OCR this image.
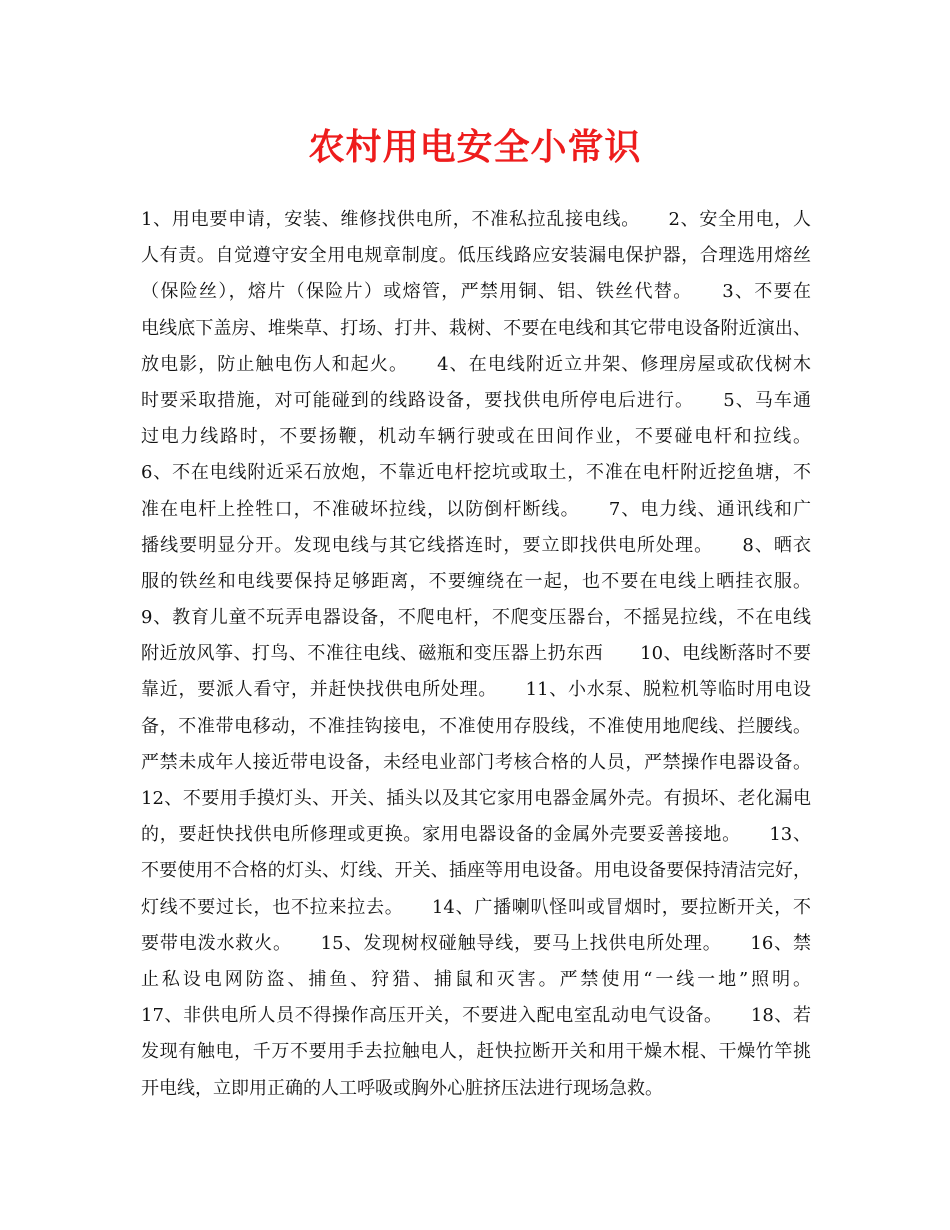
农村用电安全小常识
1、用电要申请，安装、维修找供电所，不准私拉乱接电线。　　2、安全用电，人
人有责。自觉遵守安全用电规章制度。低压线路应安装漏电保护器，合理选用熔丝
（保险丝），熔片（保险片）或熔管，严禁用铜、铝、铁丝代替。　　3、不要在
电线底下盖房、堆柴草、打场、打井、栽树、不要在电线和其它带电设备附近演出、
放电影，防止触电伤人和起火。　　4、在电线附近立井架、修理房屋或砍伐树木
时要采取措施，对可能碰到的线路设备，要找供电所停电后进行。　　5、马车通
过电力线路时，不要扬鞭，机动车辆行驶或在田间作业，不要碰电杆和拉线。
6、不在电线附近采石放炮，不靠近电杆挖坑或取土，不准在电杆附近挖鱼塘，不
准在电杆上拴牲口，不准破坏拉线，以防倒杆断线。　　7、电力线、通讯线和广
播线要明显分开。发现电线与其它线搭连时，要立即找供电所处理。　　8、晒衣
服的铁丝和电线要保持足够距离，不要缠绕在一起，也不要在电线上晒挂衣服。
9、教育儿童不玩弄电器设备，不爬电杆，不爬变压器台，不摇晃拉线，不在电线
附近放风筝、打鸟、不准往电线、磁瓶和变压器上扔东西　　10、电线断落时不要
靠近，要派人看守，并赶快找供电所处理。　　11、小水泵、脱粒机等临时用电设
备，不准带电移动，不准挂钩接电，不准使用存股线，不准使用地爬线、拦腰线。
严禁未成年人接近带电设备，未经电业部门考核合格的人员，严禁操作电器设备。
12、不要用手摸灯头、开关、插头以及其它家用电器金属外壳。有损坏、老化漏电
的，要赶快找供电所修理或更换。家用电器设备的金属外壳要妥善接地。　　13、
不要使用不合格的灯头、灯线、开关、插座等用电设备。用电设备要保持清洁完好，
灯线不要过长，也不拉来拉去。　　14、广播喇叭怪叫或冒烟时，要拉断开关，不
要带电泼水救火。　　15、发现树杈碰触导线，要马上找供电所处理。　　16、禁
止私设电网防盗、捕鱼、狩猎、捕鼠和灭害。严禁使用“一线一地”照明。
17、非供电所人员不得操作高压开关，不要进入配电室乱动电气设备。　　18、若
发现有触电，千万不要用手去拉触电人，赶快拉断开关和用干燥木棍、干燥竹竿挑
开电线，立即用正确的人工呼吸或胸外心脏挤压法进行现场急救。
